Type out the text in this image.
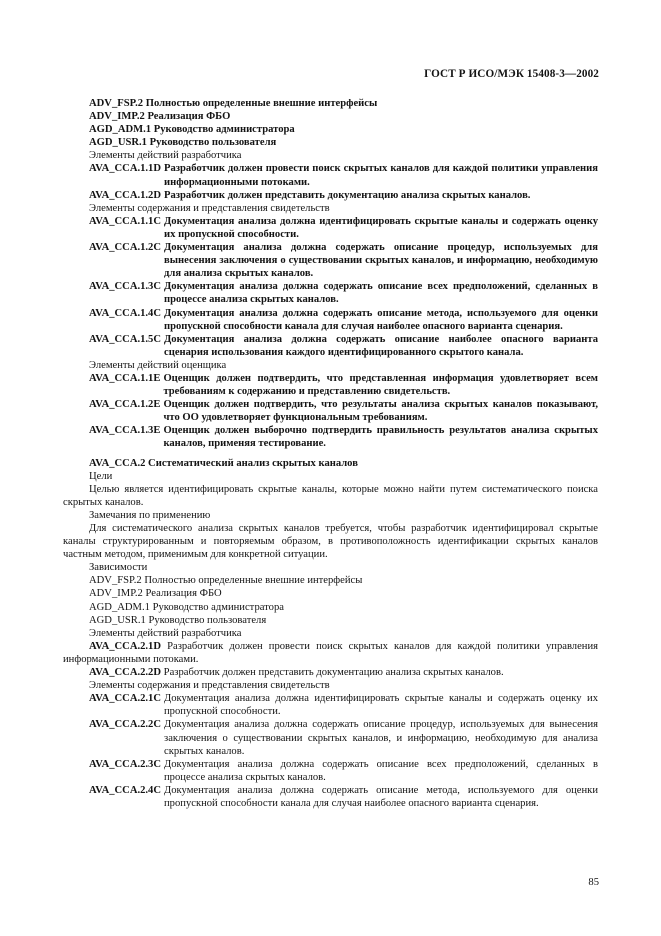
ГОСТ Р ИСО/МЭК 15408-3—2002
ADV_FSP.2 Полностью определенные внешние интерфейсы
ADV_IMP.2 Реализация ФБО
AGD_ADM.1 Руководство администратора
AGD_USR.1 Руководство пользователя
Элементы действий разработчика
AVA_CCA.1.1D Разработчик должен провести поиск скрытых каналов для каждой политики управления информационными потоками.
AVA_CCA.1.2D Разработчик должен представить документацию анализа скрытых каналов.
Элементы содержания и представления свидетельств
AVA_CCA.1.1C Документация анализа должна идентифицировать скрытые каналы и содержать оценку их пропускной способности.
AVA_CCA.1.2C Документация анализа должна содержать описание процедур, используемых для вынесения заключения о существовании скрытых каналов, и информацию, необходимую для анализа скрытых каналов.
AVA_CCA.1.3C Документация анализа должна содержать описание всех предположений, сделанных в процессе анализа скрытых каналов.
AVA_CCA.1.4C Документация анализа должна содержать описание метода, используемого для оценки пропускной способности канала для случая наиболее опасного варианта сценария.
AVA_CCA.1.5C Документация анализа должна содержать описание наиболее опасного варианта сценария использования каждого идентифицированного скрытого канала.
Элементы действий оценщика
AVA_CCA.1.1E Оценщик должен подтвердить, что представленная информация удовлетворяет всем требованиям к содержанию и представлению свидетельств.
AVA_CCA.1.2E Оценщик должен подтвердить, что результаты анализа скрытых каналов показывают, что ОО удовлетворяет функциональным требованиям.
AVA_CCA.1.3E Оценщик должен выборочно подтвердить правильность результатов анализа скрытых каналов, применяя тестирование.
AVA_CCA.2 Систематический анализ скрытых каналов
Цели
Целью является идентифицировать скрытые каналы, которые можно найти путем систематического поиска скрытых каналов.
Замечания по применению
Для систематического анализа скрытых каналов требуется, чтобы разработчик идентифицировал скрытые каналы структурированным и повторяемым образом, в противоположность идентификации скрытых каналов частным методом, применимым для конкретной ситуации.
Зависимости
ADV_FSP.2 Полностью определенные внешние интерфейсы
ADV_IMP.2 Реализация ФБО
AGD_ADM.1 Руководство администратора
AGD_USR.1 Руководство пользователя
Элементы действий разработчика
AVA_CCA.2.1D Разработчик должен провести поиск скрытых каналов для каждой политики управления информационными потоками.
AVA_CCA.2.2D Разработчик должен представить документацию анализа скрытых каналов.
Элементы содержания и представления свидетельств
AVA_CCA.2.1C Документация анализа должна идентифицировать скрытые каналы и содержать оценку их пропускной способности.
AVA_CCA.2.2C Документация анализа должна содержать описание процедур, используемых для вынесения заключения о существовании скрытых каналов, и информацию, необходимую для анализа скрытых каналов.
AVA_CCA.2.3C Документация анализа должна содержать описание всех предположений, сделанных в процессе анализа скрытых каналов.
AVA_CCA.2.4C Документация анализа должна содержать описание метода, используемого для оценки пропускной способности канала для случая наиболее опасного варианта сценария.
85
